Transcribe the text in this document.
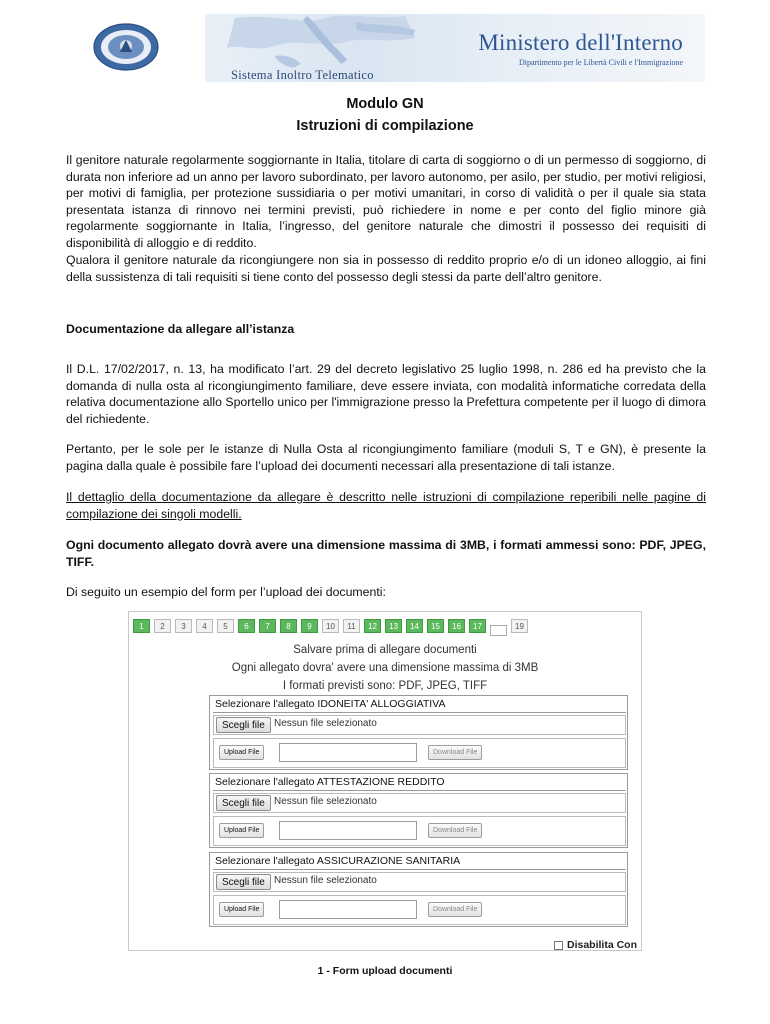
Ministero dell'Interno
Dipartimento per le Libertà Civili e l'Immigrazione
Sistema Inoltro Telematico
Modulo GN
Istruzioni di compilazione

Il genitore naturale regolarmente soggiornante in Italia, titolare di carta di soggiorno o di un permesso di soggiorno, di durata non inferiore ad un anno per lavoro subordinato, per lavoro autonomo, per asilo, per studio, per motivi religiosi, per motivi di famiglia, per protezione sussidiaria o per motivi umanitari, in corso di validità o per il quale sia stata presentata istanza di rinnovo nei termini previsti, può richiedere in nome e per conto del figlio minore già regolarmente soggiornante in Italia, l’ingresso, del genitore naturale che dimostri il possesso dei requisiti di disponibilità di alloggio e di reddito.

Qualora il genitore naturale da ricongiungere non sia in possesso di reddito proprio e/o di un idoneo alloggio, ai fini della sussistenza di tali requisiti si tiene conto del possesso degli stessi da parte dell’altro genitore.

Documentazione da allegare all’istanza

Il D.L. 17/02/2017, n. 13, ha modificato l’art. 29 del decreto legislativo 25 luglio 1998, n. 286 ed ha previsto che la domanda di nulla osta al ricongiungimento familiare, deve essere inviata, con modalità informatiche corredata della relativa documentazione allo Sportello unico per l'immigrazione presso la Prefettura competente per il luogo di dimora del richiedente.

Pertanto, per le sole per le istanze di Nulla Osta al ricongiungimento familiare (moduli S, T e GN), è presente la pagina dalla quale è possibile fare l’upload dei documenti necessari alla presentazione di tali istanze.

Il dettaglio della documentazione da allegare è descritto nelle istruzioni di compilazione reperibili nelle pagine di compilazione dei singoli modelli.

Ogni documento allegato dovrà avere una dimensione massima di 3MB, i formati ammessi sono: PDF, JPEG, TIFF.

Di seguito un esempio del form per l’upload dei documenti:

1	2	3	4	5	6	7	8	9	10	11	12	13	14	15	16	17	19
Salvare prima di allegare documenti
Ogni allegato dovra' avere una dimensione massima di 3MB
I formati previsti sono: PDF, JPEG, TIFF
Selezionare l'allegato IDONEITA' ALLOGGIATIVA
Scegli file Nessun file selezionato
Upload File	Download File
Selezionare l'allegato ATTESTAZIONE REDDITO
Scegli file Nessun file selezionato
Upload File	Download File
Selezionare l'allegato ASSICURAZIONE SANITARIA
Scegli file Nessun file selezionato
Upload File	Download File
Disabilita Con
1 - Form upload documenti
